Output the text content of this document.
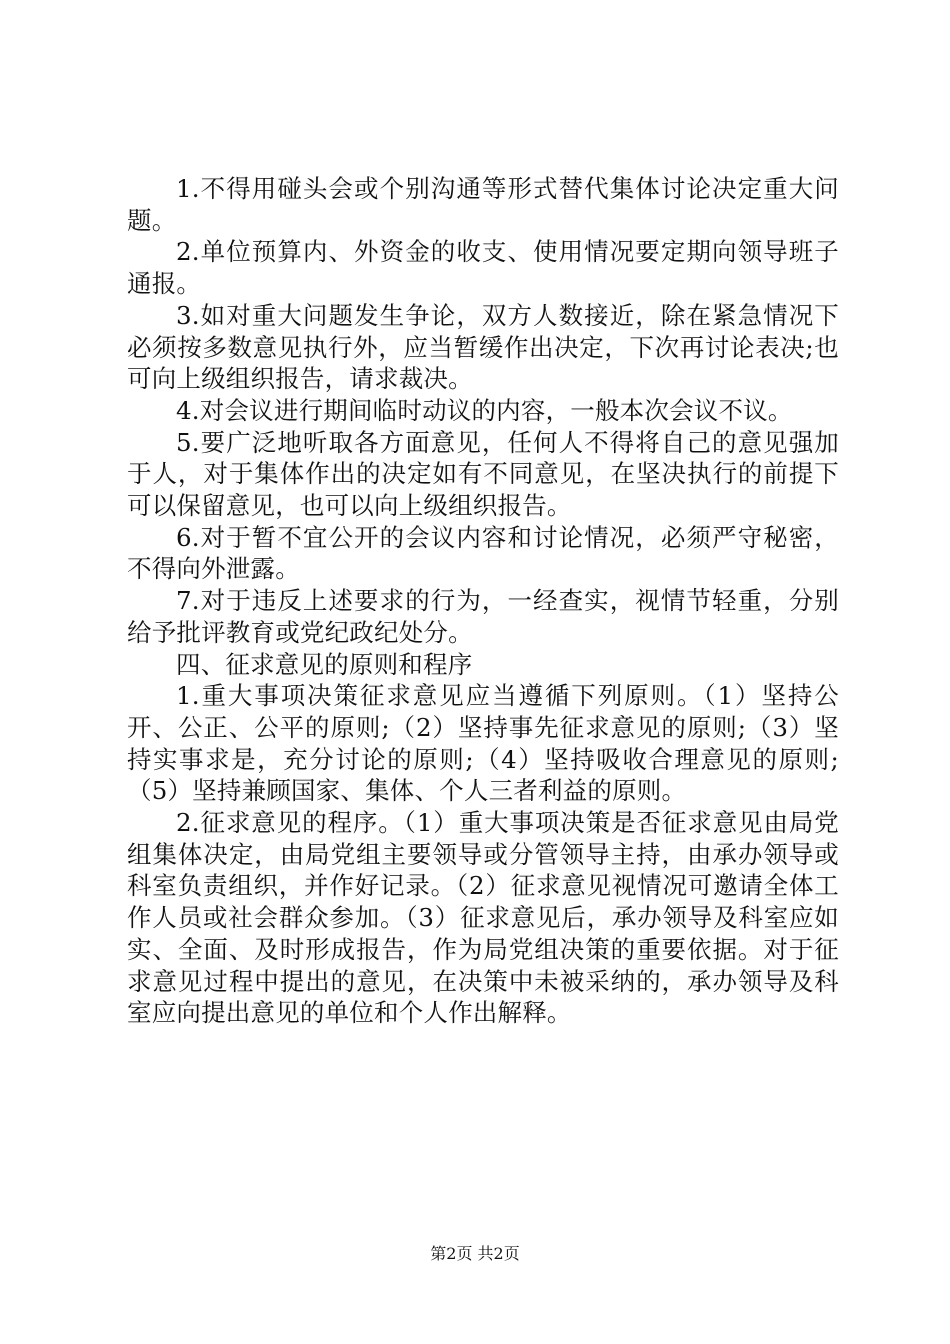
1.不得用碰头会或个别沟通等形式替代集体讨论决定重大问题。

2.单位预算内、外资金的收支、使用情况要定期向领导班子通报。

3.如对重大问题发生争论，双方人数接近，除在紧急情况下必须按多数意见执行外，应当暂缓作出决定，下次再讨论表决;也可向上级组织报告，请求裁决。

4.对会议进行期间临时动议的内容，一般本次会议不议。

5.要广泛地听取各方面意见，任何人不得将自己的意见强加于人，对于集体作出的决定如有不同意见，在坚决执行的前提下可以保留意见，也可以向上级组织报告。

6.对于暂不宜公开的会议内容和讨论情况，必须严守秘密，不得向外泄露。

7.对于违反上述要求的行为，一经查实，视情节轻重，分别给予批评教育或党纪政纪处分。

四、征求意见的原则和程序

1.重大事项决策征求意见应当遵循下列原则。（1）坚持公开、公正、公平的原则;（2）坚持事先征求意见的原则;（3）坚持实事求是，充分讨论的原则;（4）坚持吸收合理意见的原则;（5）坚持兼顾国家、集体、个人三者利益的原则。

2.征求意见的程序。（1）重大事项决策是否征求意见由局党组集体决定，由局党组主要领导或分管领导主持，由承办领导或科室负责组织，并作好记录。（2）征求意见视情况可邀请全体工作人员或社会群众参加。（3）征求意见后，承办领导及科室应如实、全面、及时形成报告，作为局党组决策的重要依据。对于征求意见过程中提出的意见，在决策中未被采纳的，承办领导及科室应向提出意见的单位和个人作出解释。

第2页 共2页
